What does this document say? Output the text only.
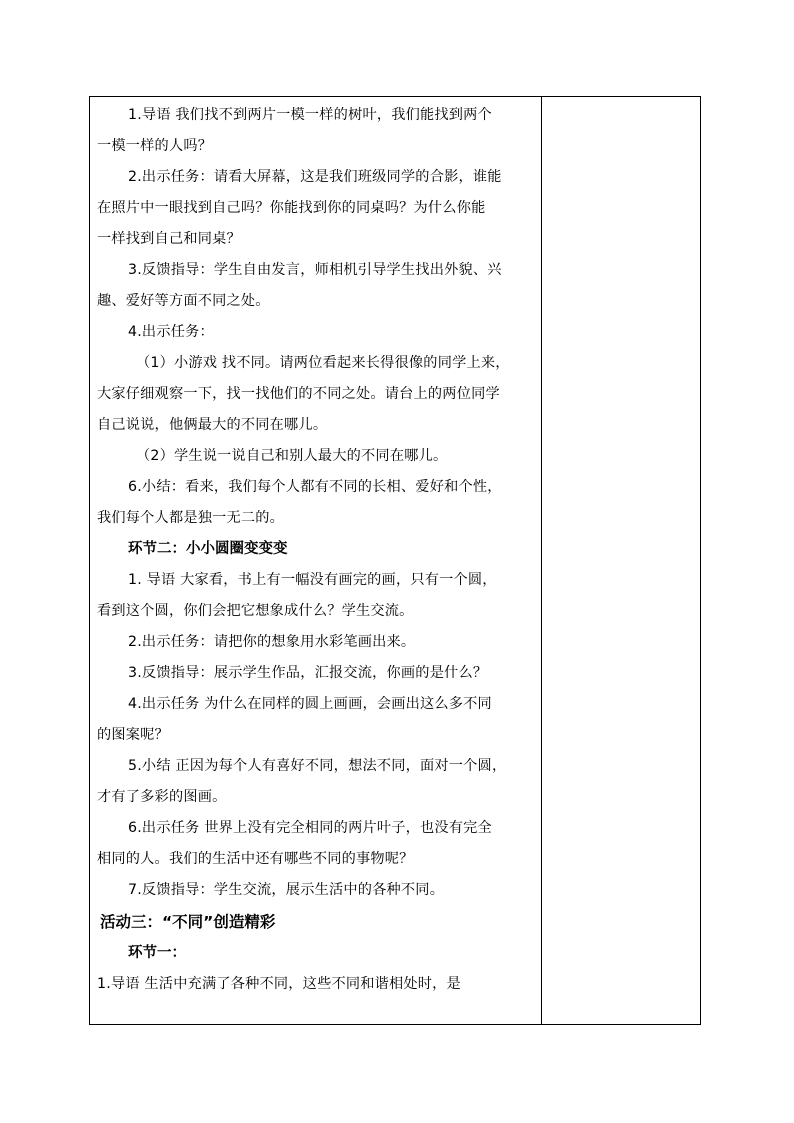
1.导语 我们找不到两片一模一样的树叶，我们能找到两个

一模一样的人吗？

2.出示任务：请看大屏幕，这是我们班级同学的合影，谁能

在照片中一眼找到自己吗？你能找到你的同桌吗？为什么你能

一样找到自己和同桌？

3.反馈指导：学生自由发言，师相机引导学生找出外貌、兴

趣、爱好等方面不同之处。

4.出示任务：

（1）小游戏 找不同。请两位看起来长得很像的同学上来，

大家仔细观察一下，找一找他们的不同之处。请台上的两位同学

自己说说，他俩最大的不同在哪儿。

（2）学生说一说自己和别人最大的不同在哪儿。

6.小结：看来，我们每个人都有不同的长相、爱好和个性，

我们每个人都是独一无二的。

环节二：小小圆圈变变变

1. 导语 大家看，书上有一幅没有画完的画，只有一个圆，

看到这个圆，你们会把它想象成什么？学生交流。

2.出示任务：请把你的想象用水彩笔画出来。

3.反馈指导：展示学生作品，汇报交流，你画的是什么？

4.出示任务 为什么在同样的圆上画画，会画出这么多不同

的图案呢？

5.小结 正因为每个人有喜好不同，想法不同，面对一个圆，

才有了多彩的图画。

6.出示任务 世界上没有完全相同的两片叶子，也没有完全

相同的人。我们的生活中还有哪些不同的事物呢？

7.反馈指导：学生交流，展示生活中的各种不同。

活动三：“不同”创造精彩

环节一：

1.导语 生活中充满了各种不同，这些不同和谐相处时，是
